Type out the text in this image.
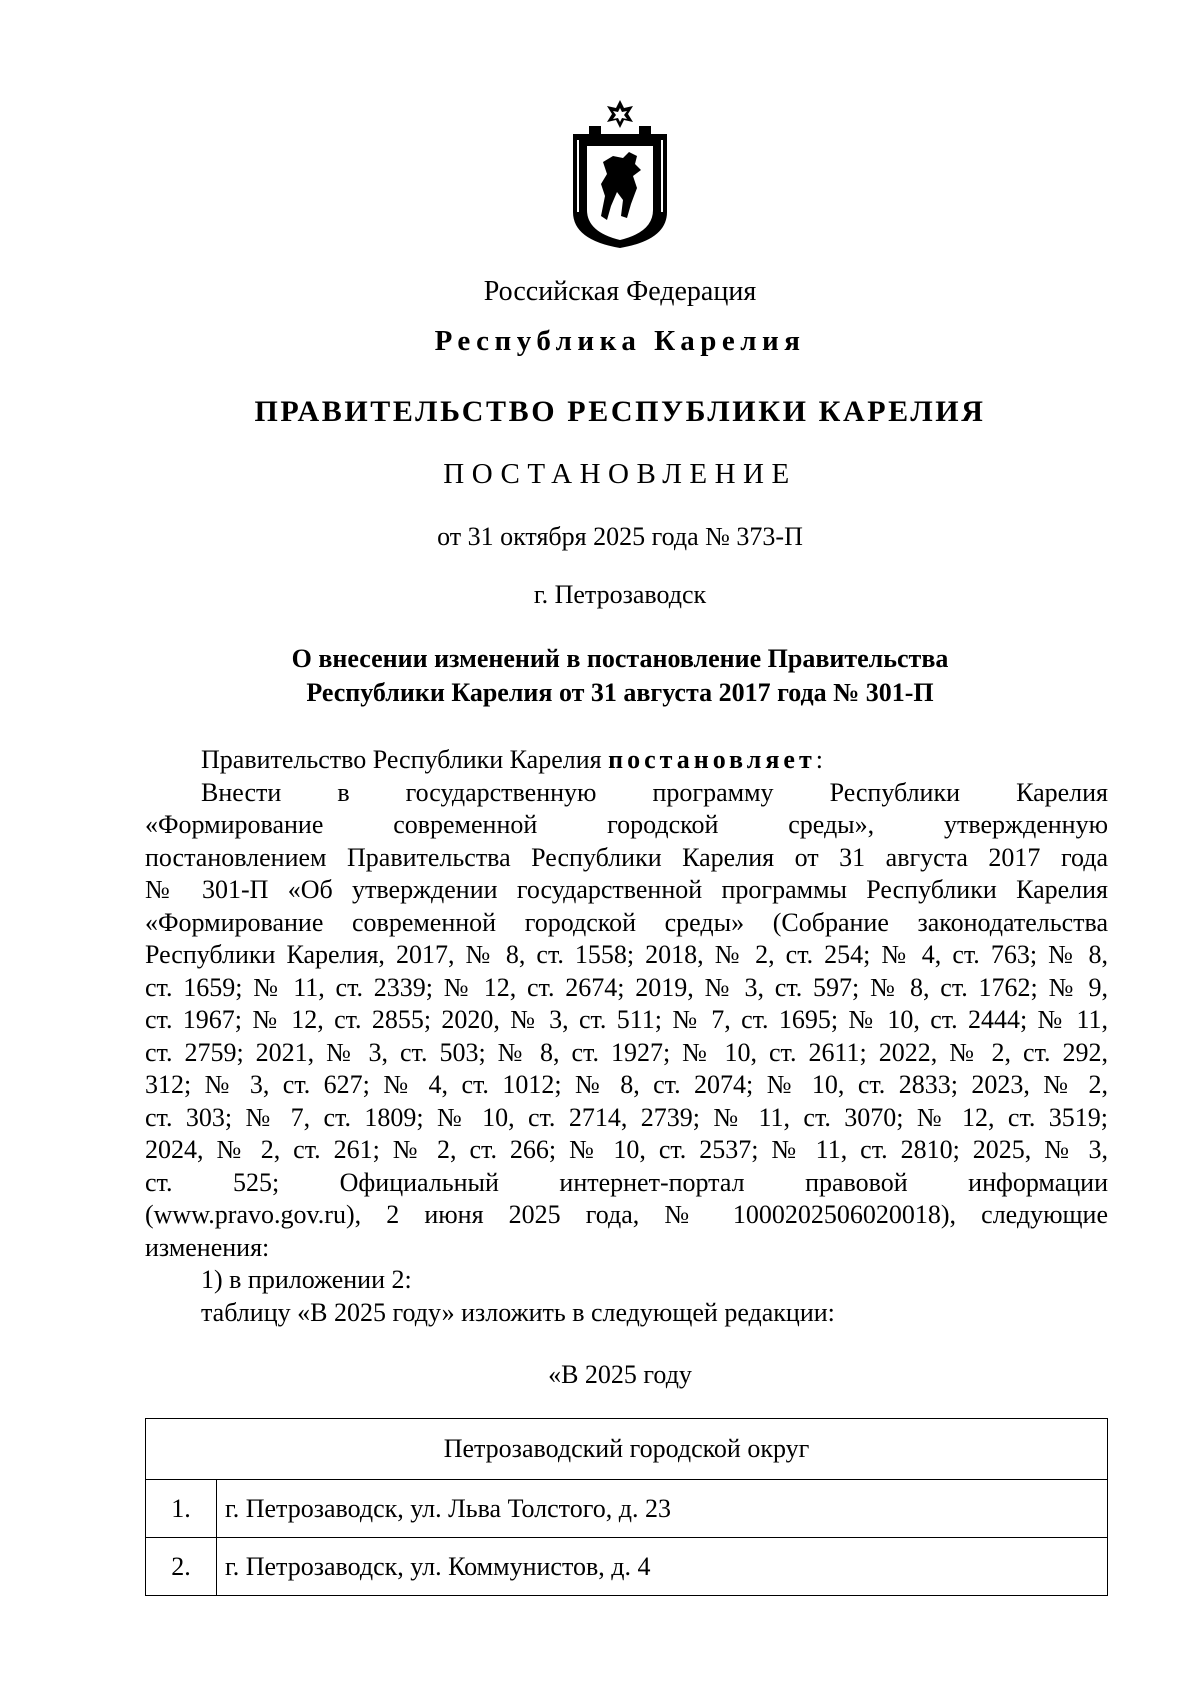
Российская Федерация
Республика Карелия
ПРАВИТЕЛЬСТВО РЕСПУБЛИКИ КАРЕЛИЯ
ПОСТАНОВЛЕНИЕ
от 31 октября 2025 года № 373-П
г. Петрозаводск
О внесении изменений в постановление Правительства
Республики Карелия от 31 августа 2017 года № 301-П
Правительство Республики Карелия постановляет:
Внести в государственную программу Республики Карелия
«Формирование современной городской среды», утвержденную
постановлением Правительства Республики Карелия от 31 августа 2017 года
№ 301-П «Об утверждении государственной программы Республики Карелия
«Формирование современной городской среды» (Собрание законодательства
Республики Карелия, 2017, № 8, ст. 1558; 2018, № 2, ст. 254; № 4, ст. 763; № 8,
ст. 1659; № 11, ст. 2339; № 12, ст. 2674; 2019, № 3, ст. 597; № 8, ст. 1762; № 9,
ст. 1967; № 12, ст. 2855; 2020, № 3, ст. 511; № 7, ст. 1695; № 10, ст. 2444; № 11,
ст. 2759; 2021, № 3, ст. 503; № 8, ст. 1927; № 10, ст. 2611; 2022, № 2, ст. 292,
312; № 3, ст. 627; № 4, ст. 1012; № 8, ст. 2074; № 10, ст. 2833; 2023, № 2,
ст. 303; № 7, ст. 1809; № 10, ст. 2714, 2739; № 11, ст. 3070; № 12, ст. 3519;
2024, № 2, ст. 261; № 2, ст. 266; № 10, ст. 2537; № 11, ст. 2810; 2025, № 3,
ст. 525; Официальный интернет-портал правовой информации
(www.pravo.gov.ru), 2 июня 2025 года, № 1000202506020018), следующие
изменения:
1) в приложении 2:
таблицу «В 2025 году» изложить в следующей редакции:
«В 2025 году
Петрозаводский городской округ	
1.	г. Петрозаводск, ул. Льва Толстого, д. 23
2.	г. Петрозаводск, ул. Коммунистов, д. 4
